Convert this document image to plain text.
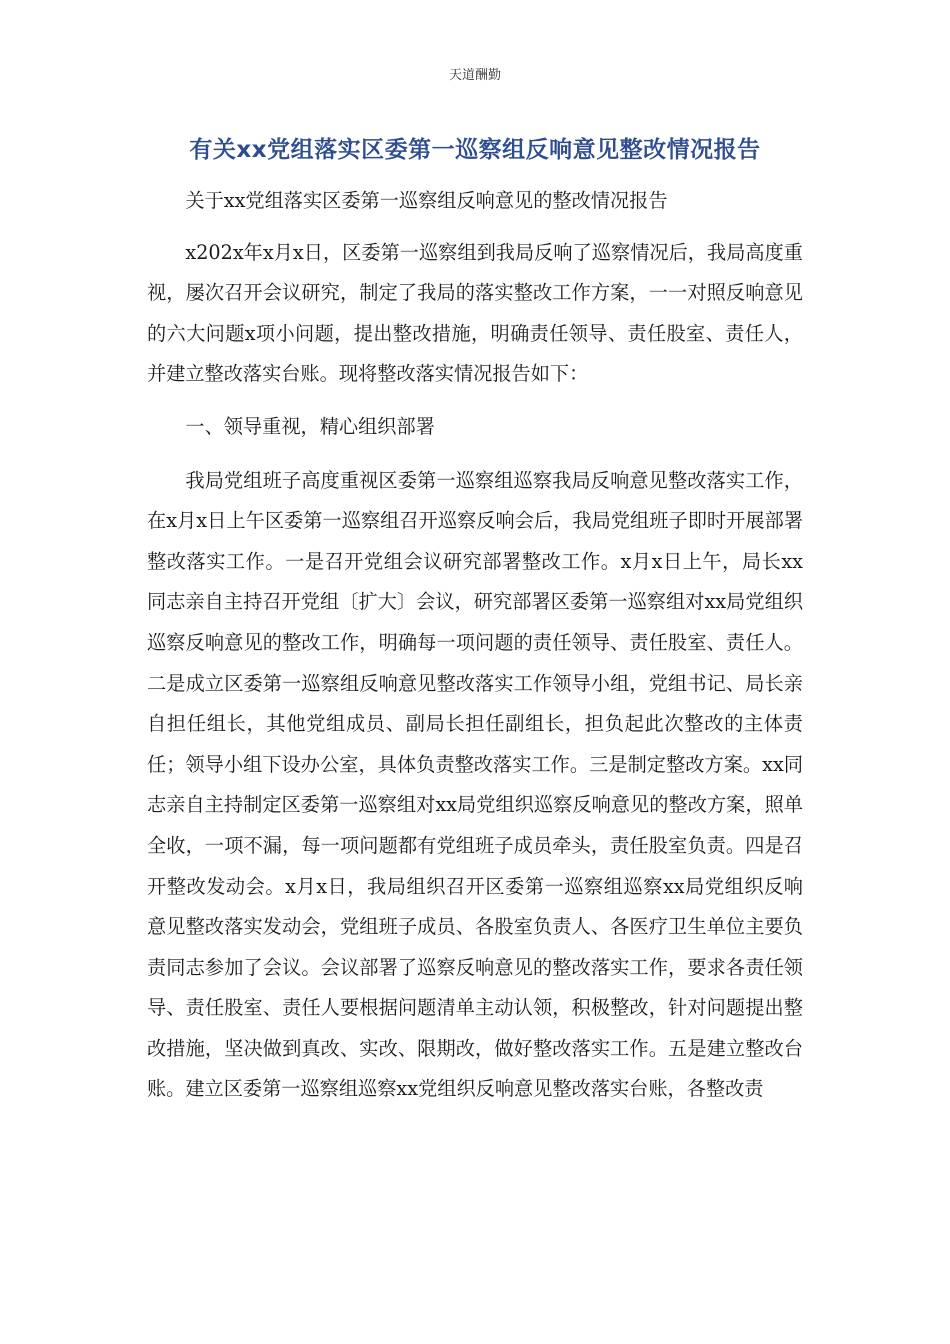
天道酬勤
有关xx党组落实区委第一巡察组反响意见整改情况报告

关于xx党组落实区委第一巡察组反响意见的整改情况报告

x202x年x月x日，区委第一巡察组到我局反响了巡察情况后，我局高度重视，屡次召开会议研究，制定了我局的落实整改工作方案，一一对照反响意见的六大问题x项小问题，提出整改措施，明确责任领导、责任股室、责任人，并建立整改落实台账。现将整改落实情况报告如下：

一、领导重视，精心组织部署

我局党组班子高度重视区委第一巡察组巡察我局反响意见整改落实工作，在x月x日上午区委第一巡察组召开巡察反响会后，我局党组班子即时开展部署整改落实工作。一是召开党组会议研究部署整改工作。x月x日上午，局长xx同志亲自主持召开党组〔扩大〕会议，研究部署区委第一巡察组对xx局党组织巡察反响意见的整改工作，明确每一项问题的责任领导、责任股室、责任人。二是成立区委第一巡察组反响意见整改落实工作领导小组，党组书记、局长亲自担任组长，其他党组成员、副局长担任副组长，担负起此次整改的主体责任；领导小组下设办公室，具体负责整改落实工作。三是制定整改方案。xx同志亲自主持制定区委第一巡察组对xx局党组织巡察反响意见的整改方案，照单全收，一项不漏，每一项问题都有党组班子成员牵头，责任股室负责。四是召开整改发动会。x月x日，我局组织召开区委第一巡察组巡察xx局党组织反响意见整改落实发动会，党组班子成员、各股室负责人、各医疗卫生单位主要负责同志参加了会议。会议部署了巡察反响意见的整改落实工作，要求各责任领导、责任股室、责任人要根据问题清单主动认领，积极整改，针对问题提出整改措施，坚决做到真改、实改、限期改，做好整改落实工作。五是建立整改台账。建立区委第一巡察组巡察xx党组织反响意见整改落实台账，各整改责
